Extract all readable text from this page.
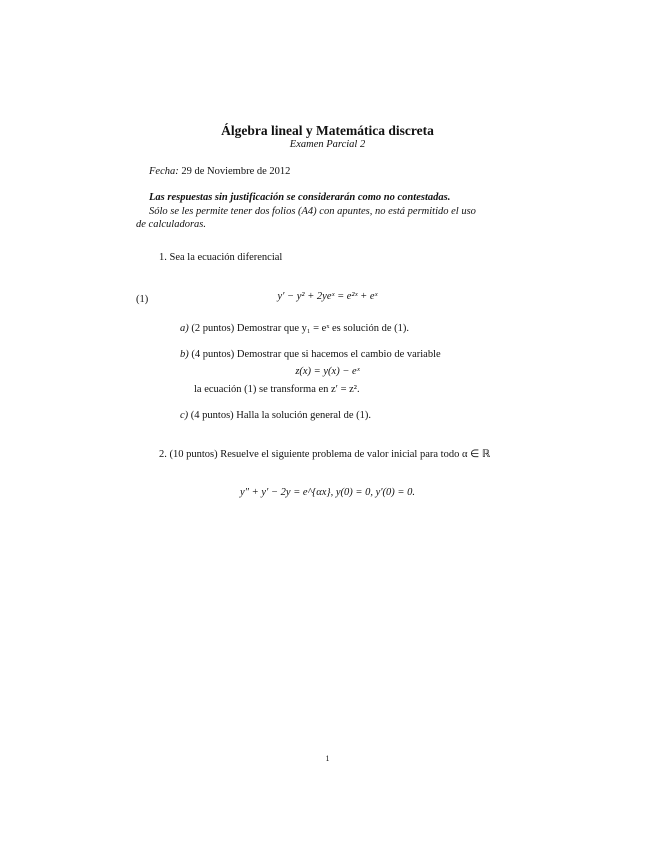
Álgebra lineal y Matemática discreta
Examen Parcial 2
Fecha: 29 de Noviembre de 2012
Las respuestas sin justificación se considerarán como no contestadas.
Sólo se les permite tener dos folios (A4) con apuntes, no está permitido el uso
de calculadoras.
1. Sea la ecuación diferencial
(1)	y′ − y² + 2yeˣ = e²ˣ + eˣ
a) (2 puntos) Demostrar que y₁ = eˣ es solución de (1).
b) (4 puntos) Demostrar que si hacemos el cambio de variable
z(x) = y(x) − eˣ
la ecuación (1) se transforma en z′ = z².
c) (4 puntos) Halla la solución general de (1).
2. (10 puntos) Resuelve el siguiente problema de valor inicial para todo α ∈ ℝ
y″ + y′ − 2y = e^{αx}, y(0) = 0, y′(0) = 0.
1
